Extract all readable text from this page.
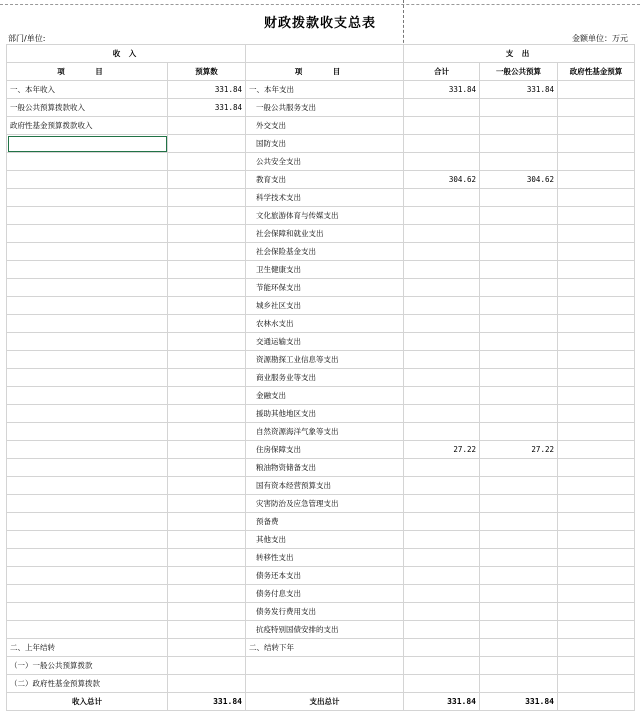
财政拨款收支总表
部门/单位:	金额单位：万元
收 入			支 出		
项 目	预算数	项 目	合计	一般公共预算	政府性基金预算
一、本年收入	331.84	一、本年支出	331.84	331.84	
一般公共预算拨款收入	331.84	一般公共服务支出			
政府性基金预算拨款收入		外交支出			
		国防支出			
		公共安全支出			
		教育支出	304.62	304.62	
		科学技术支出			
		文化旅游体育与传媒支出			
		社会保障和就业支出			
		社会保险基金支出			
		卫生健康支出			
		节能环保支出			
		城乡社区支出			
		农林水支出			
		交通运输支出			
		资源勘探工业信息等支出			
		商业服务业等支出			
		金融支出			
		援助其他地区支出			
		自然资源海洋气象等支出			
		住房保障支出	27.22	27.22	
		粮油物资储备支出			
		国有资本经营预算支出			
		灾害防治及应急管理支出			
		预备费			
		其他支出			
		转移性支出			
		债务还本支出			
		债务付息支出			
		债务发行费用支出			
		抗疫特别国债安排的支出			
二、上年结转		二、结转下年			
（一）一般公共预算拨款					
（二）政府性基金预算拨款					
收入总计	331.84	支出总计	331.84	331.84	
